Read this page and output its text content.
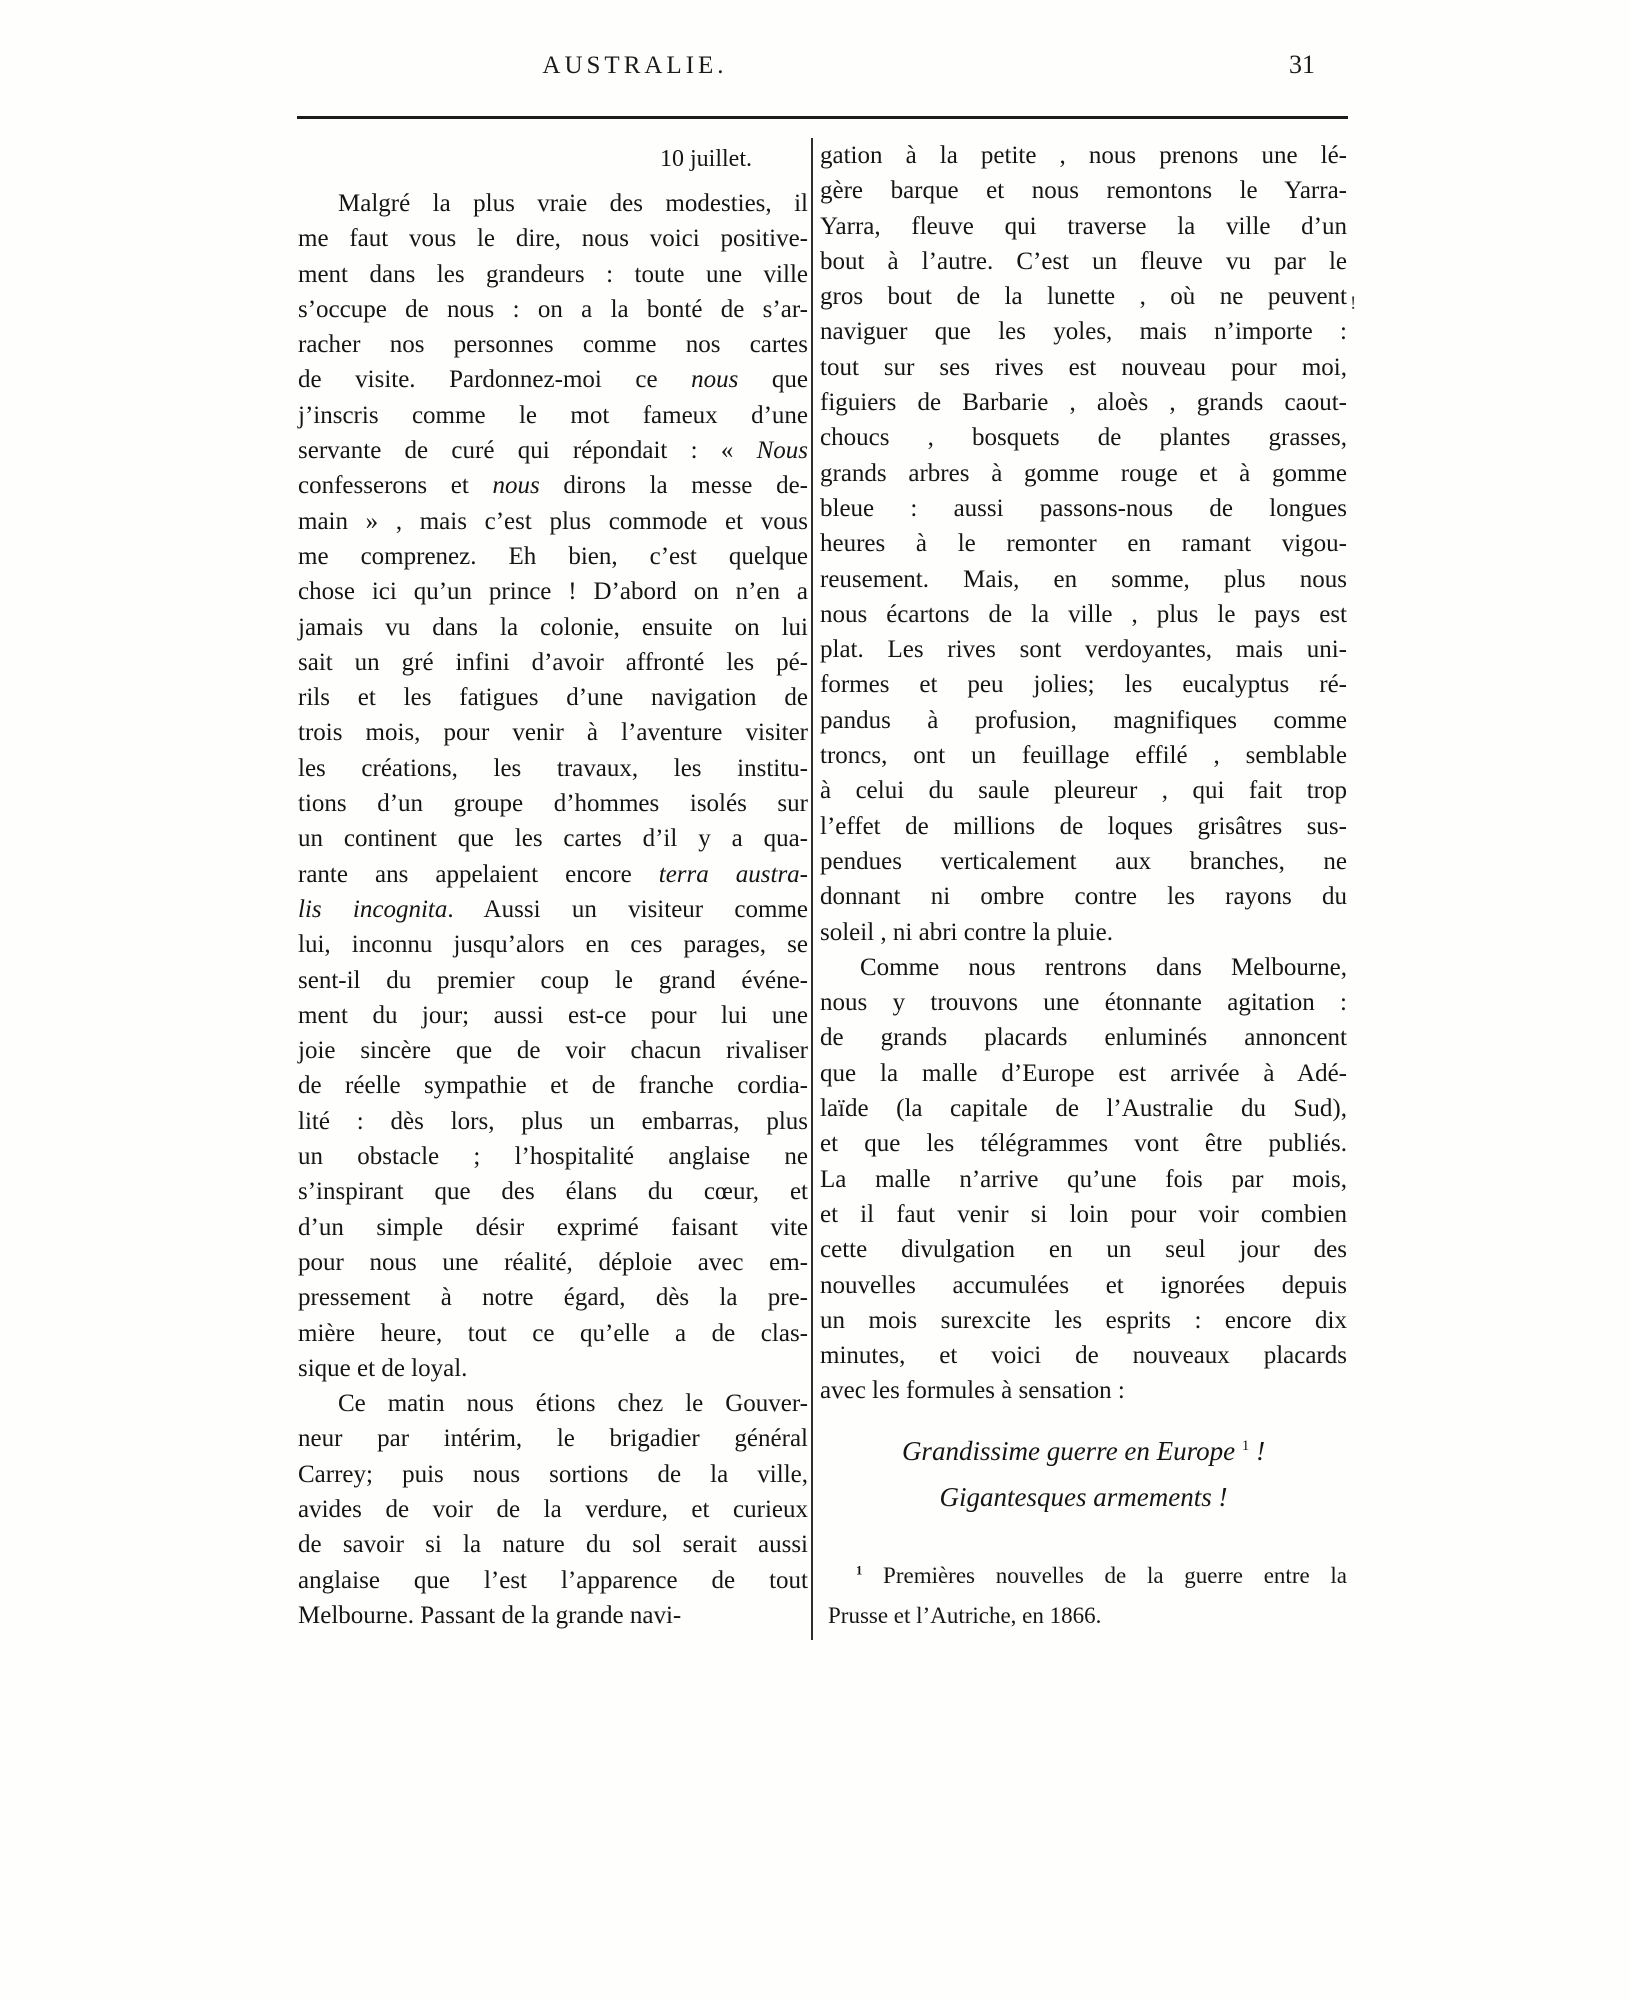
AUSTRALIE.	31
10 juillet.
Malgré la plus vraie des modesties, il
me faut vous le dire, nous voici positive-
ment dans les grandeurs : toute une ville
s’occupe de nous : on a la bonté de s’ar-
racher nos personnes comme nos cartes
de visite. Pardonnez-moi ce nous que
j’inscris comme le mot fameux d’une
servante de curé qui répondait : « Nous
confesserons et nous dirons la messe de-
main » , mais c’est plus commode et vous
me comprenez. Eh bien, c’est quelque
chose ici qu’un prince ! D’abord on n’en a
jamais vu dans la colonie, ensuite on lui
sait un gré infini d’avoir affronté les pé-
rils et les fatigues d’une navigation de
trois mois, pour venir à l’aventure visiter
les créations, les travaux, les institu-
tions d’un groupe d’hommes isolés sur
un continent que les cartes d’il y a qua-
rante ans appelaient encore terra austra-
lis incognita. Aussi un visiteur comme
lui, inconnu jusqu’alors en ces parages, se
sent-il du premier coup le grand événe-
ment du jour; aussi est-ce pour lui une
joie sincère que de voir chacun rivaliser
de réelle sympathie et de franche cordia-
lité : dès lors, plus un embarras, plus
un obstacle ; l’hospitalité anglaise ne
s’inspirant que des élans du cœur, et
d’un simple désir exprimé faisant vite
pour nous une réalité, déploie avec em-
pressement à notre égard, dès la pre-
mière heure, tout ce qu’elle a de clas-
sique et de loyal.
Ce matin nous étions chez le Gouver-
neur par intérim, le brigadier général
Carrey; puis nous sortions de la ville,
avides de voir de la verdure, et curieux
de savoir si la nature du sol serait aussi
anglaise que l’est l’apparence de tout
Melbourne. Passant de la grande navi-
gation à la petite , nous prenons une lé-
gère barque et nous remontons le Yarra-
Yarra, fleuve qui traverse la ville d’un
bout à l’autre. C’est un fleuve vu par le
gros bout de la lunette , où ne peuvent
naviguer que les yoles, mais n’importe :
tout sur ses rives est nouveau pour moi,
figuiers de Barbarie , aloès , grands caout-
choucs , bosquets de plantes grasses,
grands arbres à gomme rouge et à gomme
bleue : aussi passons-nous de longues
heures à le remonter en ramant vigou-
reusement. Mais, en somme, plus nous
nous écartons de la ville , plus le pays est
plat. Les rives sont verdoyantes, mais uni-
formes et peu jolies; les eucalyptus ré-
pandus à profusion, magnifiques comme
troncs, ont un feuillage effilé , semblable
à celui du saule pleureur , qui fait trop
l’effet de millions de loques grisâtres sus-
pendues verticalement aux branches, ne
donnant ni ombre contre les rayons du
soleil , ni abri contre la pluie.
Comme nous rentrons dans Melbourne,
nous y trouvons une étonnante agitation :
de grands placards enluminés annoncent
que la malle d’Europe est arrivée à Adé-
laïde (la capitale de l’Australie du Sud),
et que les télégrammes vont être publiés.
La malle n’arrive qu’une fois par mois,
et il faut venir si loin pour voir combien
cette divulgation en un seul jour des
nouvelles accumulées et ignorées depuis
un mois surexcite les esprits : encore dix
minutes, et voici de nouveaux placards
avec les formules à sensation :
Grandissime guerre en Europe $^1$ !
Gigantesques armements !
$^1$ Premières nouvelles de la guerre entre la
Prusse et l’Autriche, en 1866.
!
